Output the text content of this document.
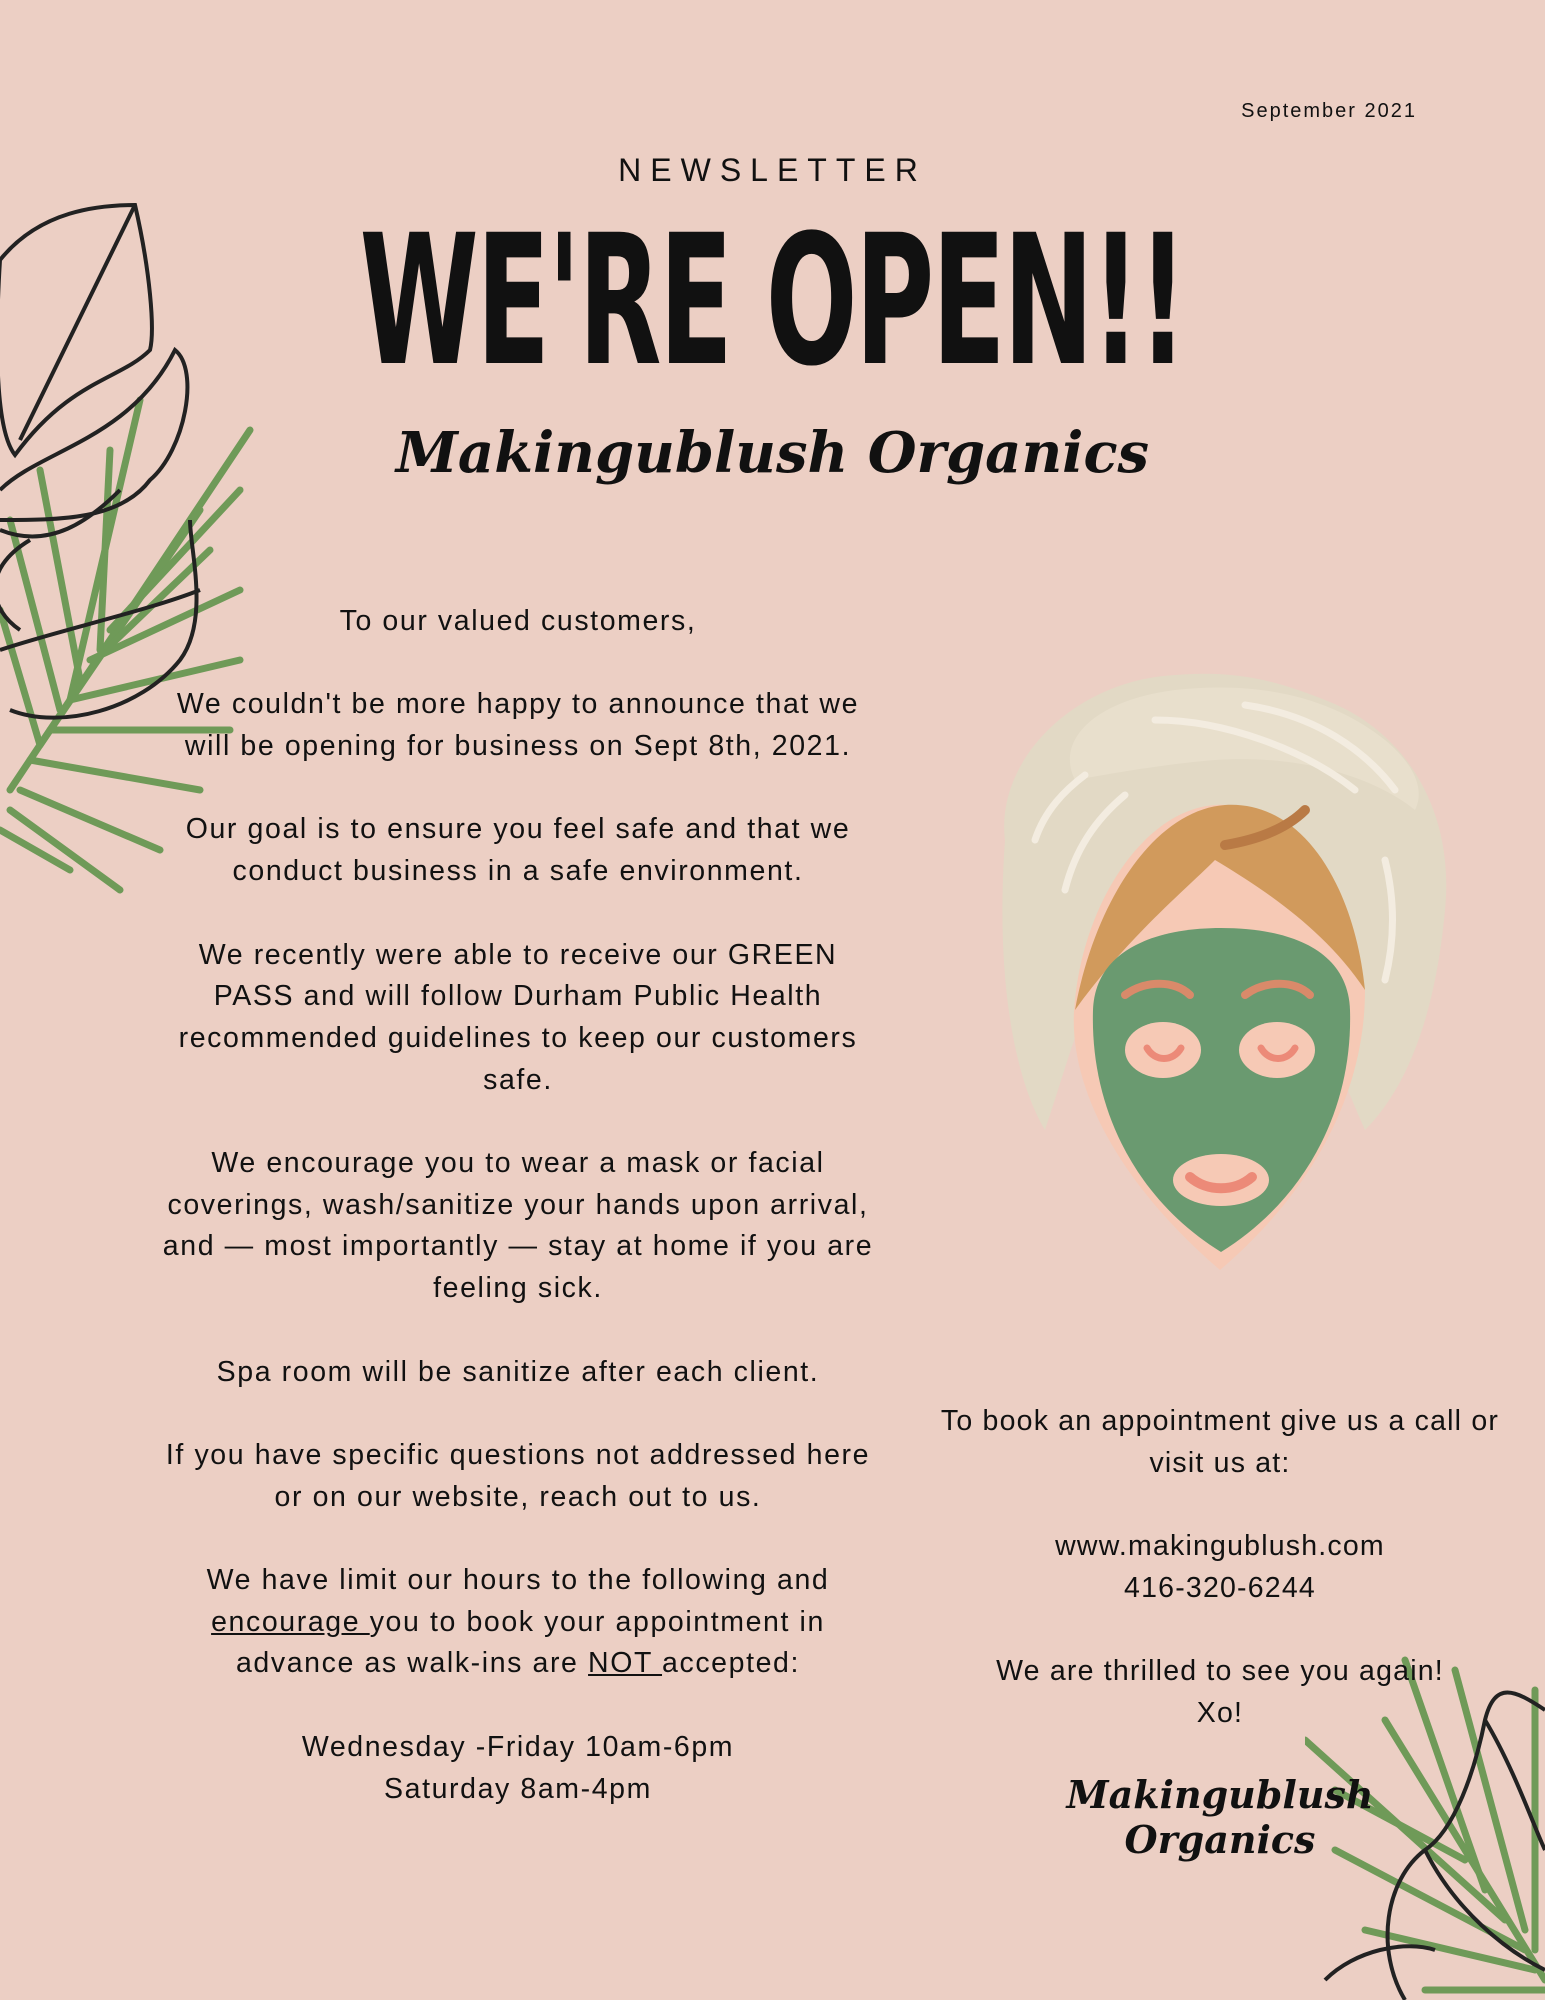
September 2021
NEWSLETTER
WE'RE OPEN!!
Makingublush Organics

To our valued customers,

We couldn't be more happy to announce that we will be opening for business on Sept 8th, 2021.

Our goal is to ensure you feel safe and that we conduct business in a safe environment.

We recently were able to receive our GREEN PASS and will follow Durham Public Health recommended guidelines to keep our customers safe.

We encourage you to wear a mask or facial coverings, wash/sanitize your hands upon arrival, and — most importantly — stay at home if you are feeling sick.

Spa room will be sanitize after each client.

If you have specific questions not addressed here or on our website, reach out to us.

We have limit our hours to the following and encourage you to book your appointment in advance as walk-ins are NOT accepted:

Wednesday -Friday 10am-6pm

Saturday 8am-4pm

To book an appointment give us a call or visit us at:

www.makingublush.com

416-320-6244

We are thrilled to see you again!

Xo!

Makingublush Organics
